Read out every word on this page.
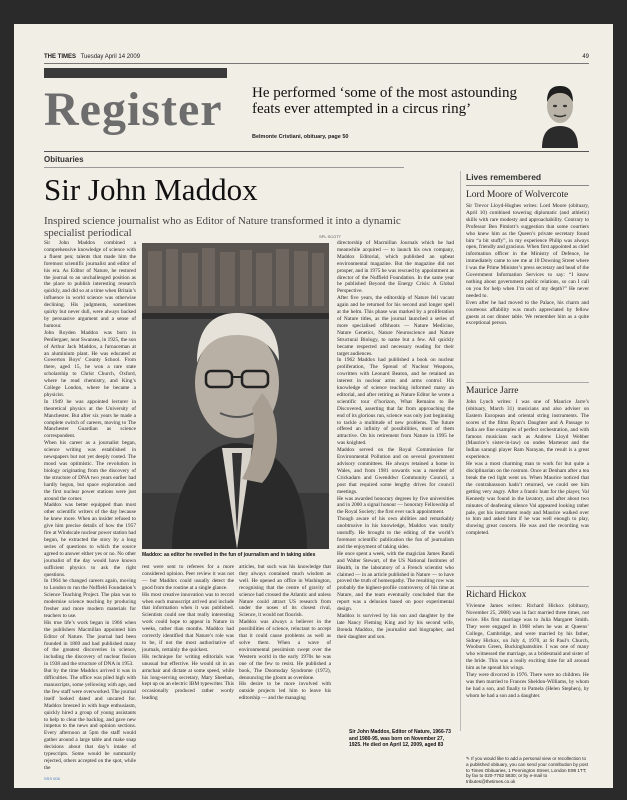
THE TIMES Tuesday April 14 2009	49
Register He performed ‘some of the most astounding feats ever attempted in a circus ring’
Belmonte Cristiani, obituary, page 50
Obituaries
Sir John Maddox
Inspired science journalist who as Editor of Nature transformed it into a dynamic specialist periodical	SPL SCOTT
Sir John Maddox combined a comprehensive knowledge of science with a fluent pen; talents that made him the foremost scientific journalist and editor of his era. As Editor of Nature, he restored the journal to an unchallenged position as the place to publish interesting research quickly, and did so at a time when Britain’s influence in world science was otherwise declining. His judgments, sometimes quirky but never dull, were always backed by persuasive argument and a sense of humour.
John Royden Maddox was born in Penllergaer, near Swansea, in 1925, the son of Arthur Jack Maddox, a furnaceman at an aluminium plant. He was educated at Gowerton Boys’ County School. From there, aged 15, he won a rare state scholarship to Christ Church, Oxford, where he read chemistry, and King’s College London, where he became a physicist.
In 1949 he was appointed lecturer in theoretical physics at the University of Manchester. But after six years he made a complete switch of careers, moving to The Manchester Guardian as science correspondent.
When his career as a journalist began, science writing was established in newspapers but not yet deeply rooted. The mood was optimistic. The revolution in biology originating from the discovery of the structure of DNA two years earlier had hardly begun, but space exploration and the first nuclear power stations were just around the corner.
Maddox was better equipped than most other scientific writers of the day because he knew more. When an insider refused to give him precise details of how the 1957 fire at Windscale nuclear power station had begun, he extracted the story by a long series of questions to which the source agreed to answer either yes or no. No other journalist of the day would have known sufficient physics to ask the right questions.
In 1964 he changed careers again, moving to London to run the Nuffield Foundation’s Science Teaching Project. The plan was to modernise science teaching by producing fresher and more modern materials for teachers to use.
His true life’s work began in 1966 when the publishers Macmillan appointed him Editor of Nature. The journal had been founded in 1869 and had published many of the greatest discoveries in science, including the discovery of nuclear fission in 1938 and the structure of DNA in 1953.
But by the time Maddox arrived it was in difficulties. The office was piled high with manuscripts, some yellowing with age, and the few staff were overworked. The journal itself looked dated and uncared for. Maddox breezed in with huge enthusiasm, quickly hired a group of young assistants to help to clear the backlog, and gave new impetus to the news and opinion sections. Every afternoon at 5pm the staff would gather around a large table and make snap decisions about that day’s intake of typescripts. Some would be summarily rejected, others accepted on the spot, while the
Maddox: as editor he revelled in the fun of journalism and in taking sides
rest were sent to referees for a more considered opinion. Peer review it was not — but Maddox could usually detect the good from the routine at a single glance.
His most creative innovation was to record when each manuscript arrived and include that information when it was published. Scientists could see that really interesting work could hope to appear in Nature in weeks, rather than months. Maddox had correctly identified that Nature’s role was to be, if not the most authoritative of journals, certainly the quickest.
His technique for writing editorials was unusual but effective. He would sit in an armchair and dictate at some speed, while his long-serving secretary, Mary Sheehan, kept up on an electric IBM typewriter. This occasionally produced rather wordy leading
articles, but such was his knowledge that they always contained much wisdom as well. He opened an office in Washington, recognising that the centre of gravity of science had crossed the Atlantic and unless Nature could attract US research from under the noses of its closest rival, Science, it would not flourish.
Maddox was always a believer in the possibilities of science, reluctant to accept that it could cause problems as well as solve them. When a wave of environmental pessimism swept over the Western world in the early 1970s he was one of the few to resist. He published a book, The Doomsday Syndrome (1972), denouncing the gloom as overdone.
His desire to be more involved with outside projects led him to leave his editorship — and the managing
directorship of Macmillan Journals which he had meanwhile acquired — to launch his own company, Maddox Editorial, which published an upbeat environmental magazine. But the magazine did not prosper, and in 1975 he was rescued by appointment as director of the Nuffield Foundation. In the same year he published Beyond the Energy Crisis: A Global Perspective.
After five years, the editorship of Nature fell vacant again and he returned for his second and longer spell at the helm. This phase was marked by a proliferation of Nature titles, as the journal launched a series of more specialised offshoots — Nature Medicine, Nature Genetics, Nature Neuroscience and Nature Structural Biology, to name but a few. All quickly became respected and necessary reading for their target audiences.
In 1962 Maddox had published a book on nuclear proliferation, The Spread of Nuclear Weapons, cowritten with Leonard Beaton, and he retained an interest in nuclear arms and arms control. His knowledge of science teaching informed many an editorial, and after retiring as Nature Editor he wrote a scientific tour d’horizon, What Remains to Be Discovered, asserting that far from approaching the end of its glorious run, science was only just beginning to tackle a multitude of new problems. The future offered an infinity of possibilities, most of them attractive. On his retirement from Nature in 1995 he was knighted.
Maddox served on the Royal Commission for Environmental Pollution and on several government advisory committees. He always retained a home in Wales, and from 1981 onwards was a member of Crickadarn and Gwenddwr Community Council, a post that required some lengthy drives for council meetings.
He was awarded honorary degrees by five universities and in 2000 a signal honour — honorary Fellowship of the Royal Society; the first ever such appointment.
Though aware of his own abilities and remarkably unobtrusive in his knowledge, Maddox was totally unstuffy. He brought to the editing of the world’s foremost scientific publication the fun of journalism and the enjoyment of taking sides.
He once spent a week, with the magician James Randi and Walter Stewart, of the US National Institutes of Health, in the laboratory of a French scientist who claimed — in an article published in Nature — to have proved the truth of homeopathy. The resulting row was probably the highest-profile controversy of his time at Nature, and the team eventually concluded that the report was a delusion based on poor experimental design.
Maddox is survived by his son and daughter by the late Nancy Fleming King and by his second wife, Brenda Maddox, the journalist and biographer, and their daughter and son.
Sir John Maddox, Editor of Nature, 1966-73 and 1980-95, was born on November 27, 1925. He died on April 12, 2009, aged 83
Lives remembered
Lord Moore of Wolvercote
Sir Trevor Lloyd-Hughes writes: Lord Moore (obituary, April 10) combined towering diplomatic (and athletic) skills with rare modesty and approachability. Contrary to Professor Ben Pimlott’s suggestion that some courtiers who knew him as the Queen’s private secretary found him “a bit stuffy”, in my experience Philip was always open, friendly and gracious. When first appointed as chief information officer in the Ministry of Defence, he immediately came to see me at 10 Downing Street where I was the Prime Minister’s press secretary and head of the Government Information Services to say: “I know nothing about government public relations, so can I call on you for help when I’m out of my depth?” He never needed to.
Even after he had moved to the Palace, his charm and courteous affability was much appreciated by fellow guests at our dinner table. We remember him as a quite exceptional person.
Maurice Jarre
John Lynch writes: I was one of Maurice Jarre’s (obituary, March 31) musicians and also adviser on Eastern European and oriental string instruments. The scores of the films Ryan’s Daughter and A Passage to India are fine examples of perfect orchestration, and with famous musicians such as Andrew Lloyd Webber (Maurice’s sister-in-law) on ondes Martenot and the Indian sarangi player Ram Narayan, the result is a great experience.
He was a most charming man to work for but quite a disciplinarian on the rostrum. Once at Denham after a tea break the red light went on. When Maurice noticed that the contrabassoon hadn’t returned, we could see him getting very angry. After a frantic hunt for the player, Val Kennedy was found in the lavatory, and after about two minutes of deafening silence Val appeared looking rather pale, got his instrument ready and Maurice walked over to him and asked him if he was well enough to play, showing great concern. He was and the recording was completed.
Richard Hickox
Vivienne James writes: Richard Hickox (obituary, November 25, 2008) was in fact married three times, not twice. His first marriage was to Julia Margaret Smith. They were engaged in 1968 when he was at Queens’ College, Cambridge, and were married by his father, Sidney Hickox, on July 4, 1970, at St Paul’s Church, Wooburn Green, Buckinghamshire. I was one of many who witnessed the marriage, as a bridesmaid and sister of the bride. This was a really exciting time for all around him as he spread his wings.
They were divorced in 1976. There were no children. He was then married to Frances Sheldon-Williams, by whom he had a son, and finally to Pamela (Helen Stephen), by whom he had a son and a daughter.
✎ If you would like to add a personal view or recollection to a published obituary, you can send your contribution by post to Times Obituaries, 1 Pennington Street, London E98 1TT; by fax to 020-7782 5830; or by e-mail to tributes@thetimes.co.uk
SSS 006
